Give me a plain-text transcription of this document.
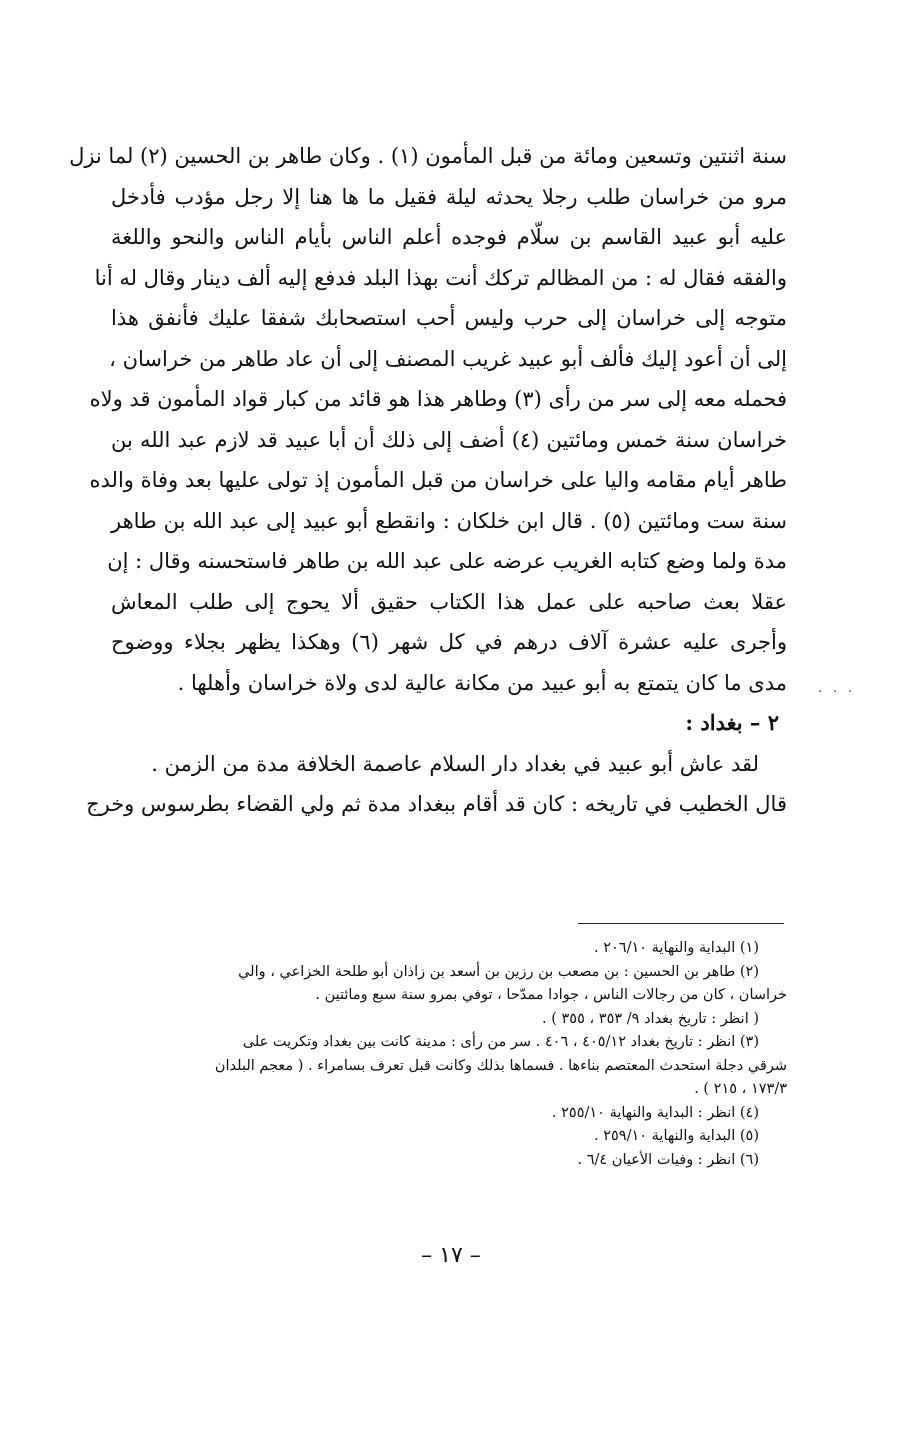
سنة اثنتين وتسعين ومائة من قبل المأمون (١) . وكان طاهر بن الحسين (٢) لما نزل
مرو من خراسان طلب رجلا يحدثه ليلة فقيل ما ها هنا إلا رجل مؤدب فأدخل
عليه أبو عبيد القاسم بن سلّام فوجده أعلم الناس بأيام الناس والنحو واللغة
والفقه فقال له : من المظالم تركك أنت بهذا البلد فدفع إليه ألف دينار وقال له أنا
متوجه إلى خراسان إلى حرب وليس أحب استصحابك شفقا عليك فأنفق هذا
إلى أن أعود إليك فألف أبو عبيد غريب المصنف إلى أن عاد طاهر من خراسان ،
فحمله معه إلى سر من رأى (٣) وطاهر هذا هو قائد من كبار قواد المأمون قد ولاه
خراسان سنة خمس ومائتين (٤) أضف إلى ذلك أن أبا عبيد قد لازم عبد الله بن
طاهر أيام مقامه واليا على خراسان من قبل المأمون إذ تولى عليها بعد وفاة والده
سنة ست ومائتين (٥) . قال ابن خلكان : وانقطع أبو عبيد إلى عبد الله بن طاهر
مدة ولما وضع كتابه الغريب عرضه على عبد الله بن طاهر فاستحسنه وقال : إن
عقلا بعث صاحبه على عمل هذا الكتاب حقيق ألا يحوج إلى طلب المعاش
وأجرى عليه عشرة آلاف درهم في كل شهر (٦) وهكذا يظهر بجلاء ووضوح
مدى ما كان يتمتع به أبو عبيد من مكانة عالية لدى ولاة خراسان وأهلها .
٢ – بغداد :
لقد عاش أبو عبيد في بغداد دار السلام عاصمة الخلافة مدة من الزمن .
قال الخطيب في تاريخه : كان قد أقام ببغداد مدة ثم ولي القضاء بطرسوس وخرج
· · ·
(١) البداية والنهاية ٢٠٦/١٠ .
(٢) طاهر بن الحسين : بن مصعب بن رزين بن أسعد بن زاذان أبو طلحة الخزاعي ، والي
خراسان ، كان من رجالات الناس ، جوادا ممدّحا ، توفي بمرو سنة سبع ومائتين .
( انظر : تاريخ بغداد ٩/ ٣٥٣ ، ٣٥٥ ) .
(٣) انظر : تاريخ بغداد ٤٠٥/١٢ ، ٤٠٦ . سر من رأى : مدينة كانت بين بغداد وتكريت على
شرقي دجلة استحدث المعتصم بناءها . فسماها بذلك وكانت قبل تعرف بسامراء . ( معجم البلدان
١٧٣/٣ ، ٢١٥ ) .
(٤) انظر : البداية والنهاية ٢٥٥/١٠ .
(٥) البداية والنهاية ٢٥٩/١٠ .
(٦) انظر : وفيات الأعيان ٦/٤ .
– ١٧ –
